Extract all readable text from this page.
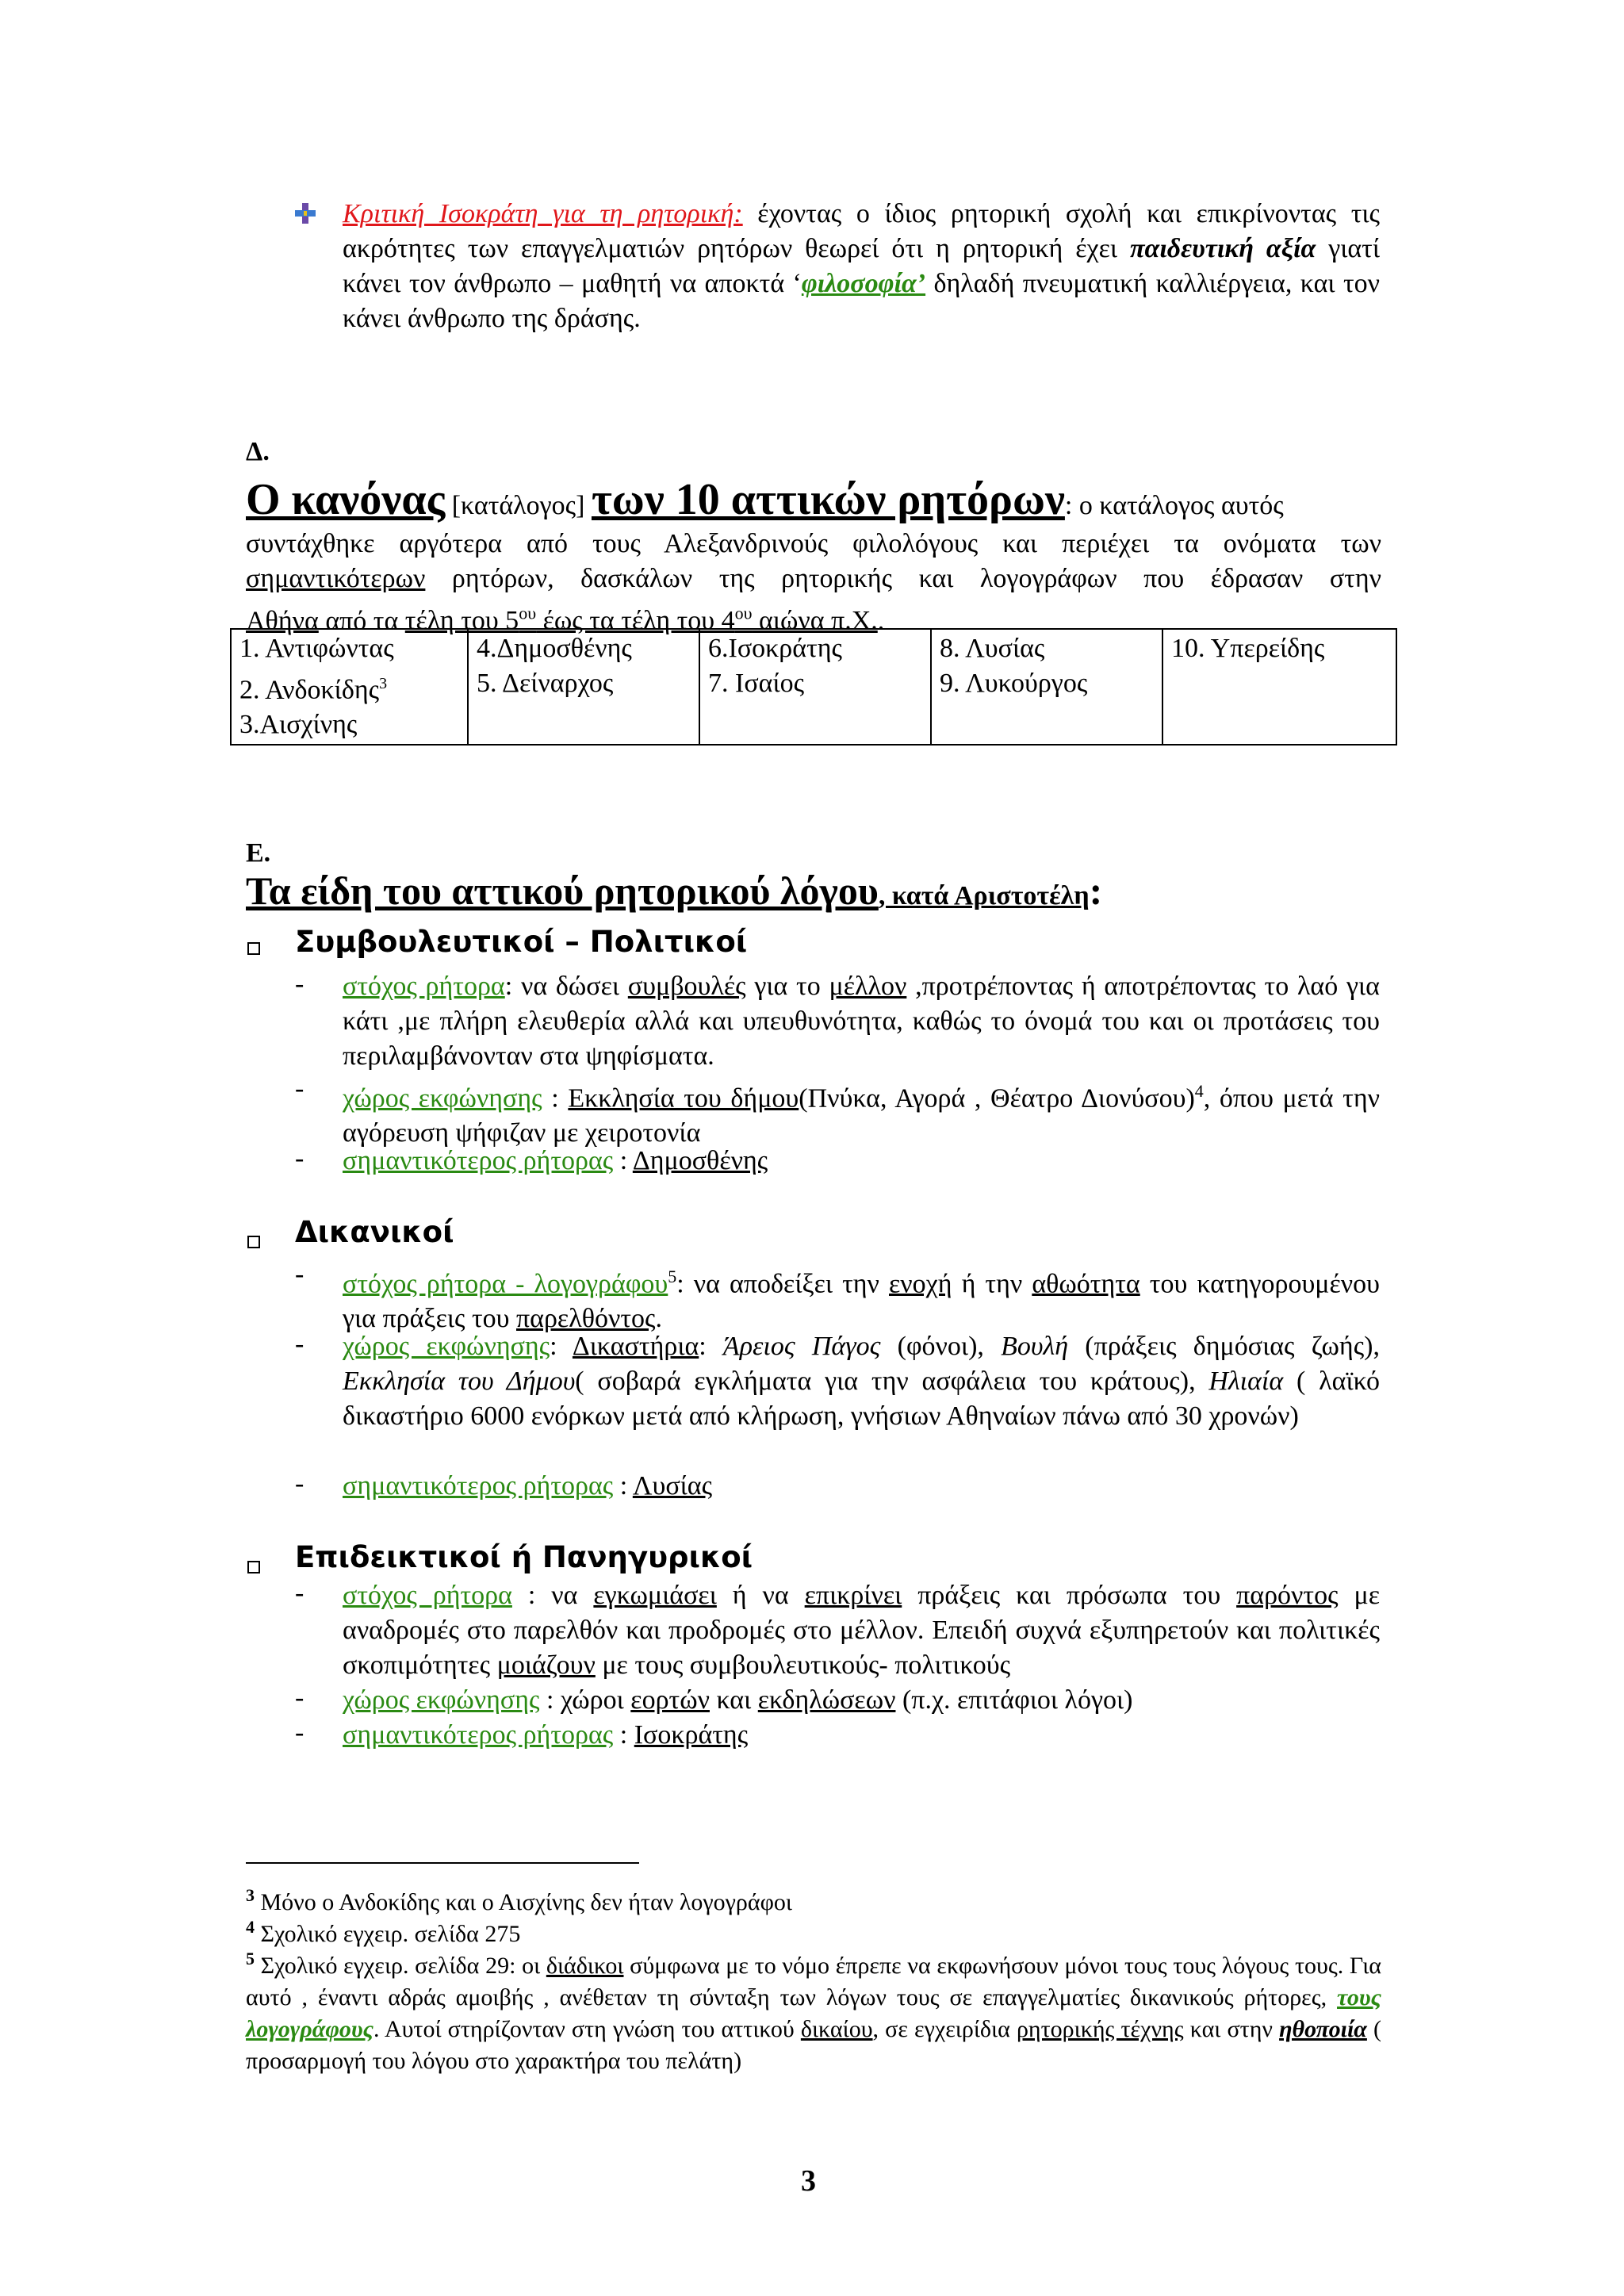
Κριτική Ισοκράτη για τη ρητορική: έχοντας ο ίδιος ρητορική σχολή και επικρίνοντας τις ακρότητες των επαγγελματιών ρητόρων θεωρεί ότι η ρητορική έχει παιδευτική αξία γιατί κάνει τον άνθρωπο – μαθητή να αποκτά ‘φιλοσοφία’ δηλαδή πνευματική καλλιέργεια, και τον κάνει άνθρωπο της δράσης.
Δ.
Ο κανόνας [κατάλογος] των 10 αττικών ρητόρων: ο κατάλογος αυτός
συντάχθηκε αργότερα από τους Αλεξανδρινούς φιλολόγους και περιέχει τα ονόματα των
σημαντικότερων ρητόρων, δασκάλων της ρητορικής και λογογράφων που έδρασαν στην
Αθήνα από τα τέλη του $5^{o\upsilon}$ έως τα τέλη του $4^{o\upsilon}$ αιώνα π.Χ..
1. Αντιφώντας
2. Ανδοκίδης$^3$
3.Αισχίνης

4.Δημοσθένης
5. Δείναρχος

6.Ισοκράτης
7. Ισαίος

8. Λυσίας
9. Λυκούργος

10. Υπερείδης
Ε.
Τα είδη του αττικού ρητορικού λόγου, κατά Αριστοτέλη:
Συμβουλευτικοί – Πολιτικοί
- στόχος ρήτορα: να δώσει συμβουλές για το μέλλον ,προτρέποντας ή αποτρέποντας το λαό για κάτι ,με πλήρη ελευθερία αλλά και υπευθυνότητα, καθώς το όνομά του και οι προτάσεις του περιλαμβάνονταν στα ψηφίσματα.
- χώρος εκφώνησης : Εκκλησία του δήμου(Πνύκα, Αγορά , Θέατρο Διονύσου)$^4$, όπου μετά την αγόρευση ψήφιζαν με χειροτονία
- σημαντικότερος ρήτορας : Δημοσθένης
Δικανικοί
- στόχος ρήτορα - λογογράφου$^5$: να αποδείξει την ενοχή ή την αθωότητα του κατηγορουμένου για πράξεις του παρελθόντος.
- χώρος εκφώνησης: Δικαστήρια: Άρειος Πάγος (φόνοι), Βουλή (πράξεις δημόσιας ζωής), Εκκλησία του Δήμου( σοβαρά εγκλήματα για την ασφάλεια του κράτους), Ηλιαία ( λαϊκό δικαστήριο 6000 ενόρκων μετά από κλήρωση, γνήσιων Αθηναίων πάνω από 30 χρονών)
- σημαντικότερος ρήτορας : Λυσίας
Επιδεικτικοί ή Πανηγυρικοί
- στόχος ρήτορα : να εγκωμιάσει ή να επικρίνει πράξεις και πρόσωπα του παρόντος με αναδρομές στο παρελθόν και προδρομές στο μέλλον. Επειδή συχνά εξυπηρετούν και πολιτικές σκοπιμότητες μοιάζουν με τους συμβουλευτικούς- πολιτικούς
- χώρος εκφώνησης : χώροι εορτών και εκδηλώσεων (π.χ. επιτάφιοι λόγοι)
- σημαντικότερος ρήτορας : Ισοκράτης
$^3$ Μόνο ο Ανδοκίδης και ο Αισχίνης δεν ήταν λογογράφοι
$^4$ Σχολικό εγχειρ. σελίδα 275
$^5$ Σχολικό εγχειρ. σελίδα 29: οι διάδικοι σύμφωνα με το νόμο έπρεπε να εκφωνήσουν μόνοι τους τους λόγους τους. Για αυτό , έναντι αδράς αμοιβής , ανέθεταν τη σύνταξη των λόγων τους σε επαγγελματίες δικανικούς ρήτορες, τους λογογράφους. Αυτοί στηρίζονταν στη γνώση του αττικού δικαίου, σε εγχειρίδια ρητορικής τέχνης και στην ηθοποιία ( προσαρμογή του λόγου στο χαρακτήρα του πελάτη)
3
